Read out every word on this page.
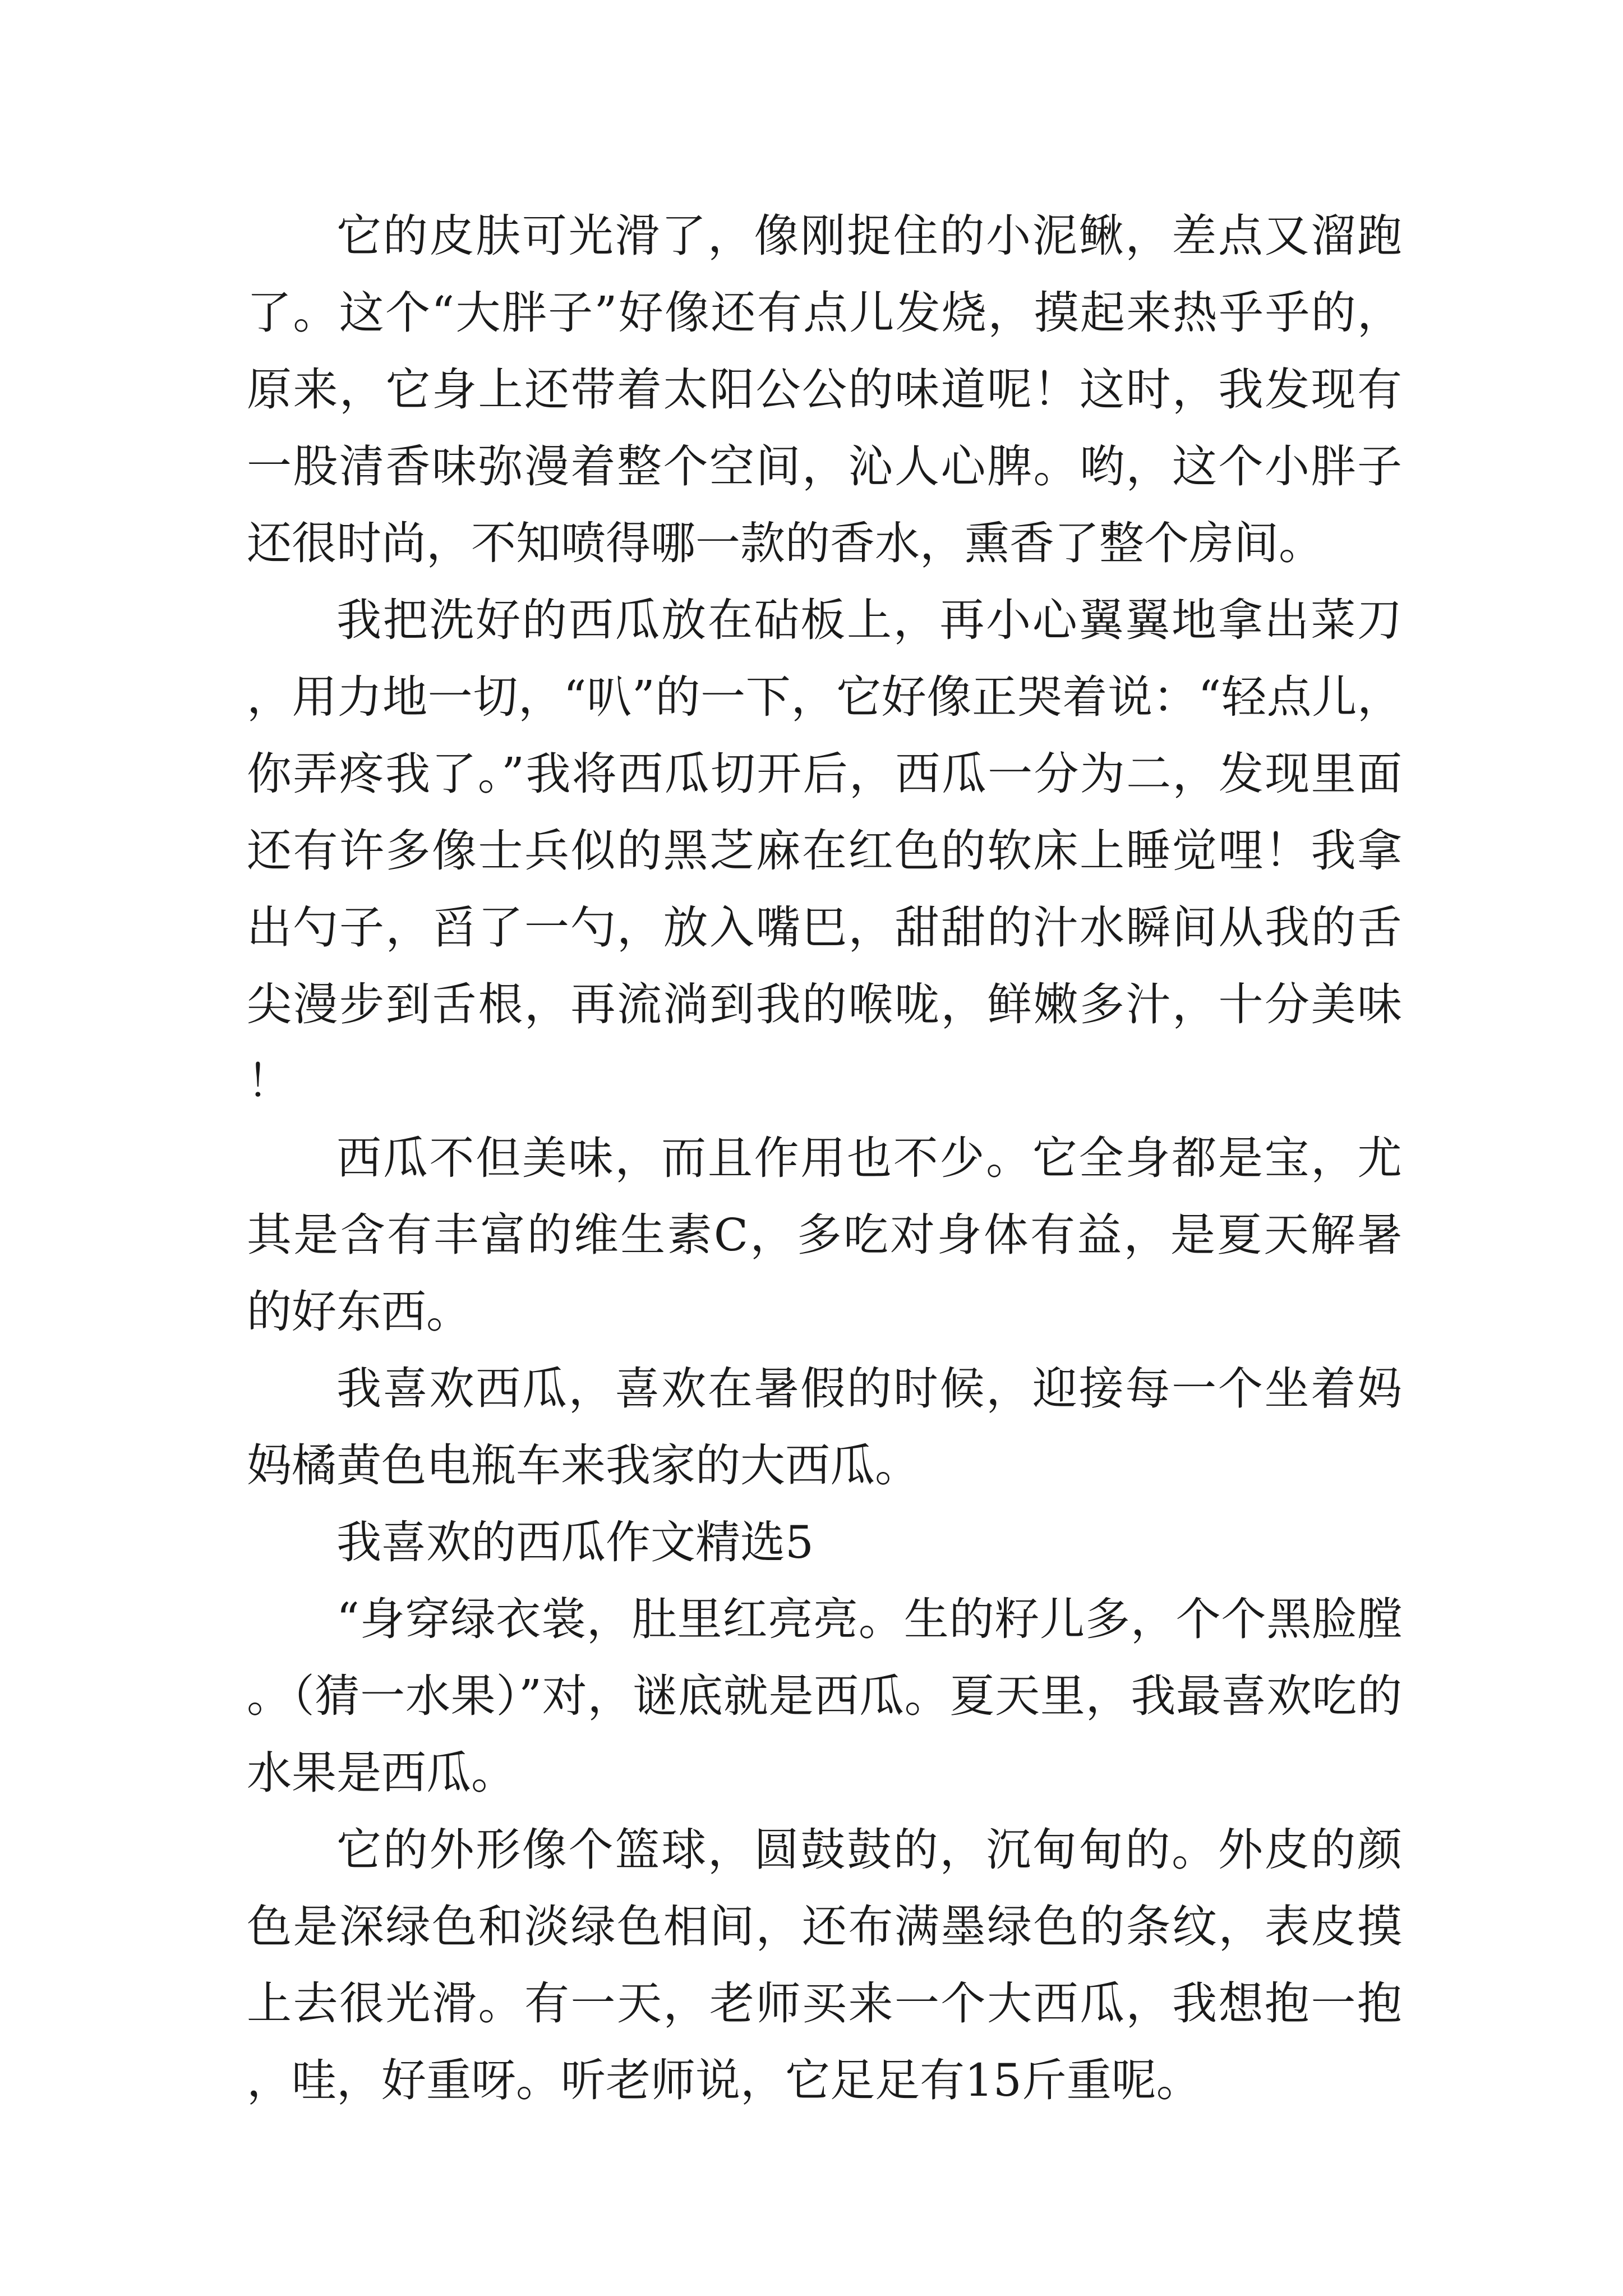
它的皮肤可光滑了，像刚捉住的小泥鳅，差点又溜跑了。这个“大胖子”好像还有点儿发烧，摸起来热乎乎的，原来，它身上还带着太阳公公的味道呢！这时，我发现有一股清香味弥漫着整个空间，沁人心脾。哟，这个小胖子还很时尚，不知喷得哪一款的香水，熏香了整个房间。

我把洗好的西瓜放在砧板上，再小心翼翼地拿出菜刀，用力地一切，“叭”的一下，它好像正哭着说：“轻点儿，你弄疼我了。”我将西瓜切开后，西瓜一分为二，发现里面还有许多像士兵似的黑芝麻在红色的软床上睡觉哩！我拿出勺子，舀了一勺，放入嘴巴，甜甜的汁水瞬间从我的舌尖漫步到舌根，再流淌到我的喉咙，鲜嫩多汁，十分美味！

西瓜不但美味，而且作用也不少。它全身都是宝，尤其是含有丰富的维生素C，多吃对身体有益，是夏天解暑的好东西。

我喜欢西瓜，喜欢在暑假的时候，迎接每一个坐着妈妈橘黄色电瓶车来我家的大西瓜。

我喜欢的西瓜作文精选5

“身穿绿衣裳，肚里红亮亮。生的籽儿多，个个黑脸膛。（猜一水果）”对，谜底就是西瓜。夏天里，我最喜欢吃的水果是西瓜。

它的外形像个篮球，圆鼓鼓的，沉甸甸的。外皮的颜色是深绿色和淡绿色相间，还布满墨绿色的条纹，表皮摸上去很光滑。有一天，老师买来一个大西瓜，我想抱一抱，哇，好重呀。听老师说，它足足有15斤重呢。
